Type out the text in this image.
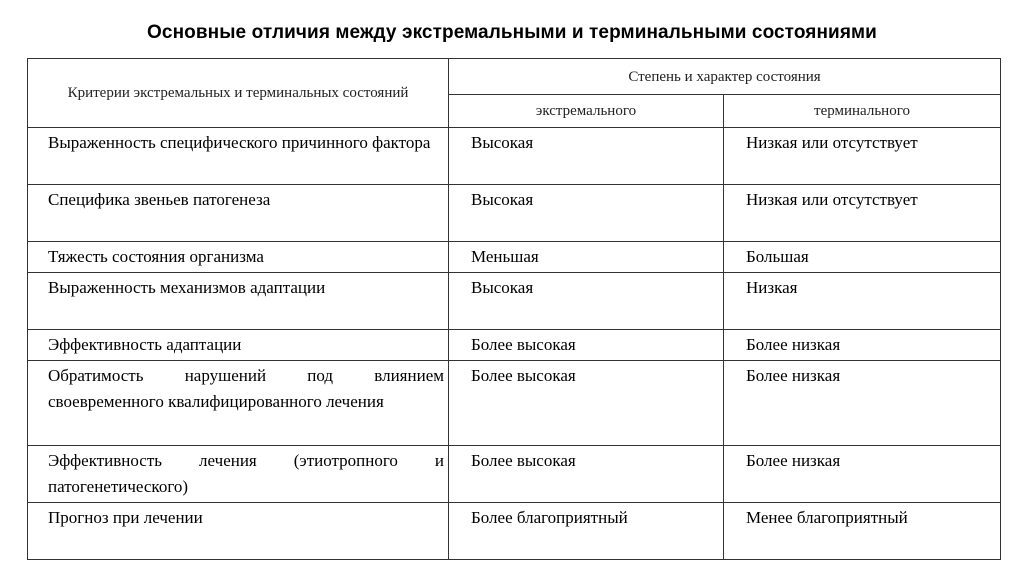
Основные отличия между экстремальными и терминальными состояниями
Критерии экстремальных и терминальных состояний	Степень и характер состояния	
	экстремального	терминального
Выраженность специфического причинного фактора	Высокая	Низкая или отсутствует
Специфика звеньев патогенеза	Высокая	Низкая или отсутствует
Тяжесть состояния организма	Меньшая	Большая
Выраженность механизмов адаптации	Высокая	Низкая
Эффективность адаптации	Более высокая	Более низкая
Обратимость нарушений под влиянием своевременного квалифицированного лечения	Более высокая	Более низкая
Эффективность лечения (этиотропного и патогенетического)	Более высокая	Более низкая
Прогноз при лечении	Более благоприятный	Менее благоприятный
